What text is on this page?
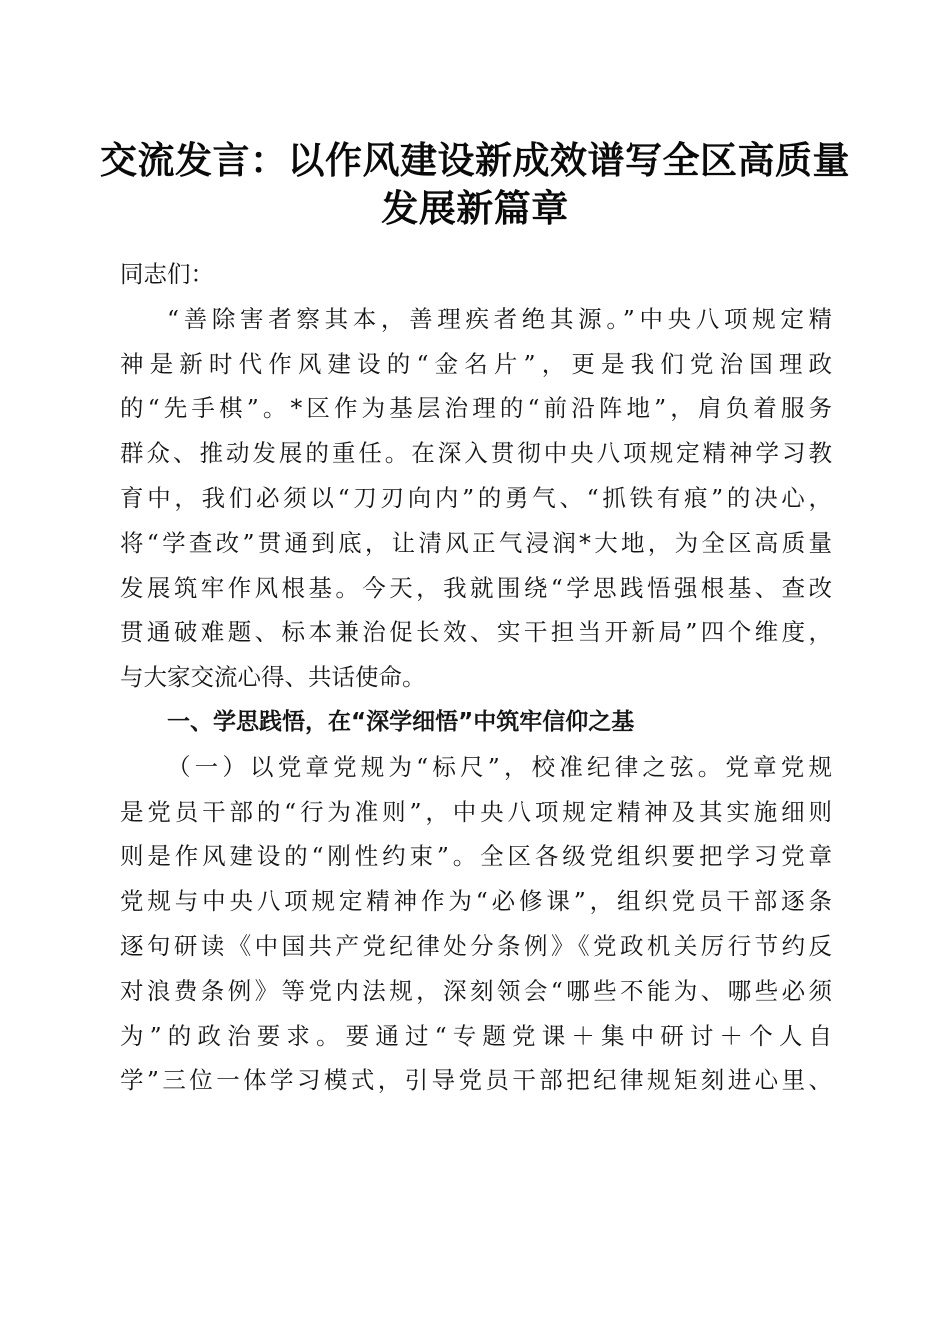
交流发言：以作风建设新成效谱写全区高质量
发展新篇章
同志们：
“善除害者察其本，善理疾者绝其源。”中央八项规定精
神是新时代作风建设的“金名片”，更是我们党治国理政
的“先手棋”。*区作为基层治理的“前沿阵地”，肩负着服务
群众、推动发展的重任。在深入贯彻中央八项规定精神学习教
育中，我们必须以“刀刃向内”的勇气、“抓铁有痕”的决心，
将“学查改”贯通到底，让清风正气浸润*大地，为全区高质量
发展筑牢作风根基。今天，我就围绕“学思践悟强根基、查改
贯通破难题、标本兼治促长效、实干担当开新局”四个维度，
与大家交流心得、共话使命。
一、学思践悟，在“深学细悟”中筑牢信仰之基
（一）以党章党规为“标尺”，校准纪律之弦。党章党规
是党员干部的“行为准则”，中央八项规定精神及其实施细则
则是作风建设的“刚性约束”。全区各级党组织要把学习党章
党规与中央八项规定精神作为“必修课”，组织党员干部逐条
逐句研读《中国共产党纪律处分条例》《党政机关厉行节约反
对浪费条例》等党内法规，深刻领会“哪些不能为、哪些必须
为”的政治要求。要通过“专题党课＋集中研讨＋个人自
学”三位一体学习模式，引导党员干部把纪律规矩刻进心里、
